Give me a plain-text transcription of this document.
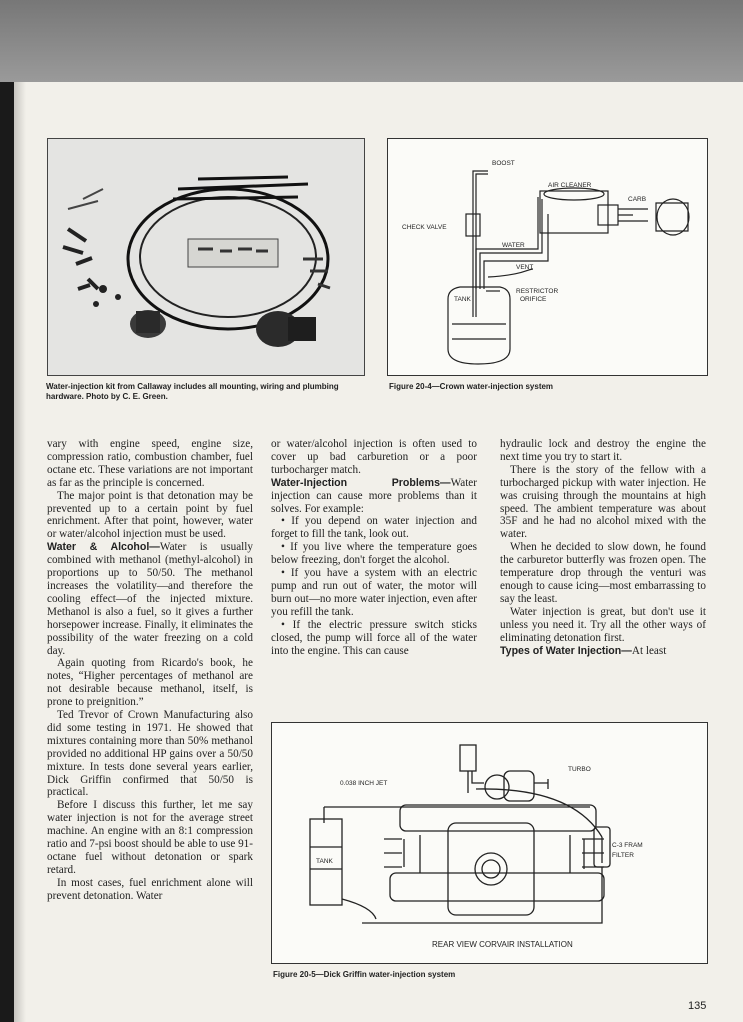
Water-injection kit from Callaway includes all mounting, wiring and plumbing hardware. Photo by C. E. Green.
BOOST
AIR CLEANER
CARB
CHECK VALVE
WATER
VENT
RESTRICTOR
ORIFICE
TANK
Figure 20-4—Crown water-injection system

vary with engine speed, engine size, compression ratio, combustion chamber, fuel octane etc. These variations are not important as far as the principle is concerned.

The major point is that detonation may be prevented up to a certain point by fuel enrichment. After that point, however, water or water/alcohol injection must be used.

Water & Alcohol—Water is usually combined with methanol (methyl-alcohol) in proportions up to 50/50. The methanol increases the volatility—and therefore the cooling effect—of the injected mixture. Methanol is also a fuel, so it gives a further horsepower increase. Finally, it eliminates the possibility of the water freezing on a cold day.

Again quoting from Ricardo's book, he notes, “Higher percentages of methanol are not desirable because methanol, itself, is prone to preignition.”

Ted Trevor of Crown Manufacturing also did some testing in 1971. He showed that mixtures containing more than 50% methanol provided no additional HP gains over a 50/50 mixture. In tests done several years earlier, Dick Griffin confirmed that 50/50 is practical.

Before I discuss this further, let me say water injection is not for the average street machine. An engine with an 8:1 compression ratio and 7-psi boost should be able to use 91-octane fuel without detonation or spark retard.

In most cases, fuel enrichment alone will prevent detonation. Water

or water/alcohol injection is often used to cover up bad carburetion or a poor turbocharger match.

Water-Injection Problems—Water injection can cause more problems than it solves. For example:

• If you depend on water injection and forget to fill the tank, look out.

• If you live where the temperature goes below freezing, don't forget the alcohol.

• If you have a system with an electric pump and run out of water, the motor will burn out—no more water injection, even after you refill the tank.

• If the electric pressure switch sticks closed, the pump will force all of the water into the engine. This can cause

hydraulic lock and destroy the engine the next time you try to start it.

There is the story of the fellow with a turbocharged pickup with water injection. He was cruising through the mountains at high speed. The ambient temperature was about 35F and he had no alcohol mixed with the water.

When he decided to slow down, he found the carburetor butterfly was frozen open. The temperature drop through the venturi was enough to cause icing—most embarrassing to say the least.

Water injection is great, but don't use it unless you need it. Try all the other ways of eliminating detonation first.

Types of Water Injection—At least

0.038 INCH JET
TURBO
C-3 FRAM
FILTER
TANK
REAR VIEW CORVAIR INSTALLATION
Figure 20-5—Dick Griffin water-injection system
135
